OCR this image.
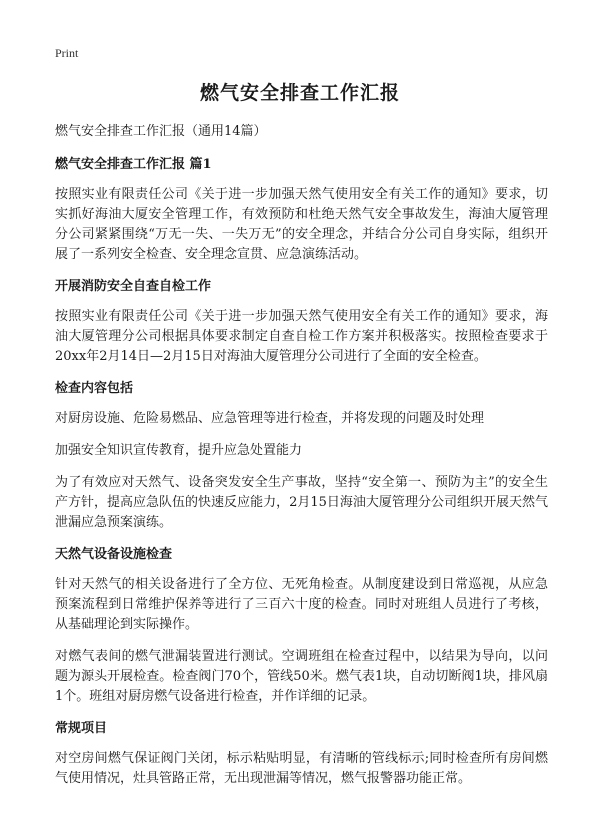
Print
燃气安全排查工作汇报
燃气安全排查工作汇报（通用14篇）
燃气安全排查工作汇报 篇1
按照实业有限责任公司《关于进一步加强天然气使用安全有关工作的通知》要求，切实抓好海油大厦安全管理工作，有效预防和杜绝天然气安全事故发生，海油大厦管理分公司紧紧围绕“万无一失、一失万无”的安全理念，并结合分公司自身实际，组织开展了一系列安全检查、安全理念宣贯、应急演练活动。
开展消防安全自查自检工作
按照实业有限责任公司《关于进一步加强天然气使用安全有关工作的通知》要求，海油大厦管理分公司根据具体要求制定自查自检工作方案并积极落实。按照检查要求于20xx年2月14日—2月15日对海油大厦管理分公司进行了全面的安全检查。
检查内容包括
对厨房设施、危险易燃品、应急管理等进行检查，并将发现的问题及时处理
加强安全知识宣传教育，提升应急处置能力
为了有效应对天然气、设备突发安全生产事故，坚持“安全第一、预防为主”的安全生产方针，提高应急队伍的快速反应能力，2月15日海油大厦管理分公司组织开展天然气泄漏应急预案演练。
天然气设备设施检查
针对天然气的相关设备进行了全方位、无死角检查。从制度建设到日常巡视，从应急预案流程到日常维护保养等进行了三百六十度的检查。同时对班组人员进行了考核，从基础理论到实际操作。
对燃气表间的燃气泄漏装置进行测试。空调班组在检查过程中，以结果为导向，以问题为源头开展检查。检查阀门70个，管线50米。燃气表1块，自动切断阀1块，排风扇1个。班组对厨房燃气设备进行检查，并作详细的记录。
常规项目
对空房间燃气保证阀门关闭，标示粘贴明显，有清晰的管线标示;同时检查所有房间燃气使用情况，灶具管路正常，无出现泄漏等情况，燃气报警器功能正常。
